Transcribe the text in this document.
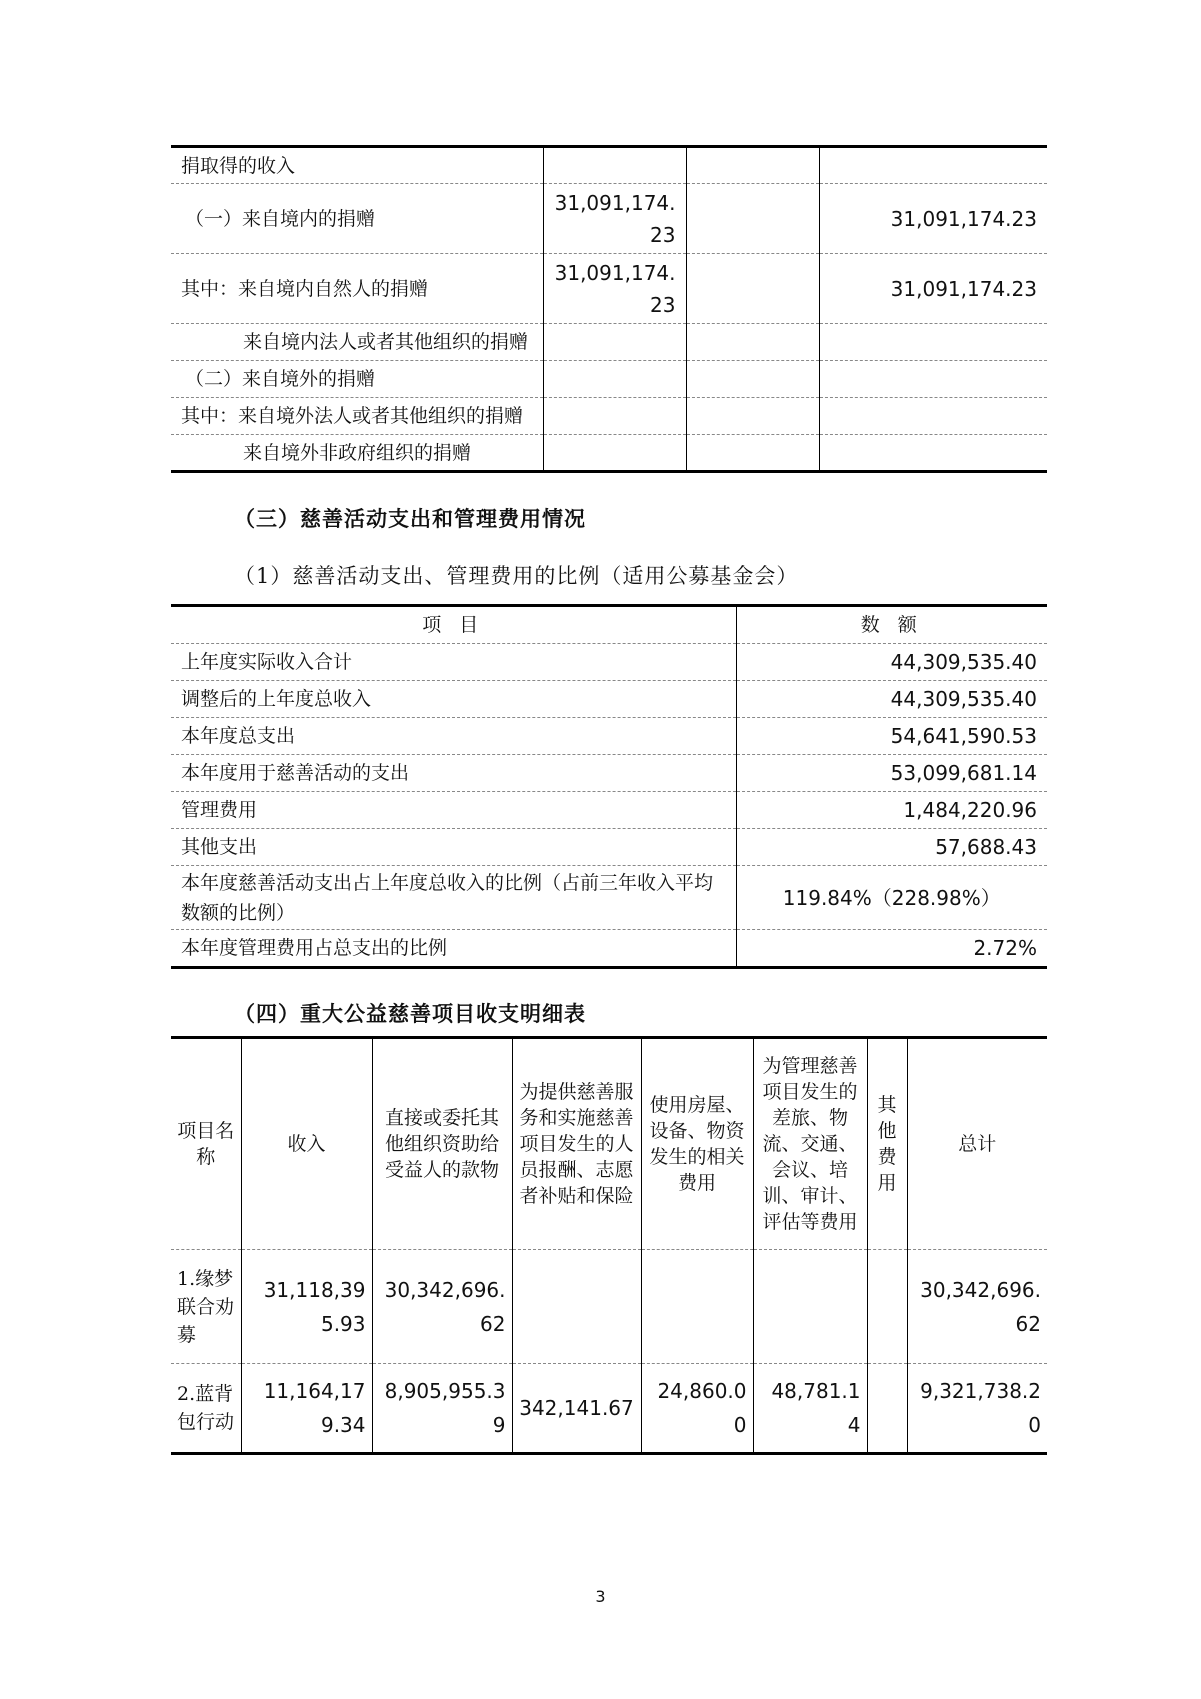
捐取得的收入			
（一）来自境内的捐赠	31,091,174.23		31,091,174.23
其中：来自境内自然人的捐赠	31,091,174.23		31,091,174.23
来自境内法人或者其他组织的捐赠			
（二）来自境外的捐赠			
其中：来自境外法人或者其他组织的捐赠			
来自境外非政府组织的捐赠			
（三）慈善活动支出和管理费用情况
（1）慈善活动支出、管理费用的比例（适用公募基金会）
项 目	数 额
上年度实际收入合计	44,309,535.40
调整后的上年度总收入	44,309,535.40
本年度总支出	54,641,590.53
本年度用于慈善活动的支出	53,099,681.14
管理费用	1,484,220.96
其他支出	57,688.43
本年度慈善活动支出占上年度总收入的比例（占前三年收入平均数额的比例）	119.84%（228.98%）
本年度管理费用占总支出的比例	2.72%
（四）重大公益慈善项目收支明细表
项目名称	收入	直接或委托其他组织资助给受益人的款物	为提供慈善服务和实施慈善项目发生的人员报酬、志愿者补贴和保险	使用房屋、设备、物资发生的相关费用	为管理慈善项目发生的差旅、物流、交通、会议、培训、审计、评估等费用	其他费用	总计
1.缘梦联合劝募	31,118,395.93	30,342,696.62					30,342,696.62
2.蓝背包行动	11,164,179.34	8,905,955.39	342,141.67	24,860.00	48,781.14		9,321,738.20
3
